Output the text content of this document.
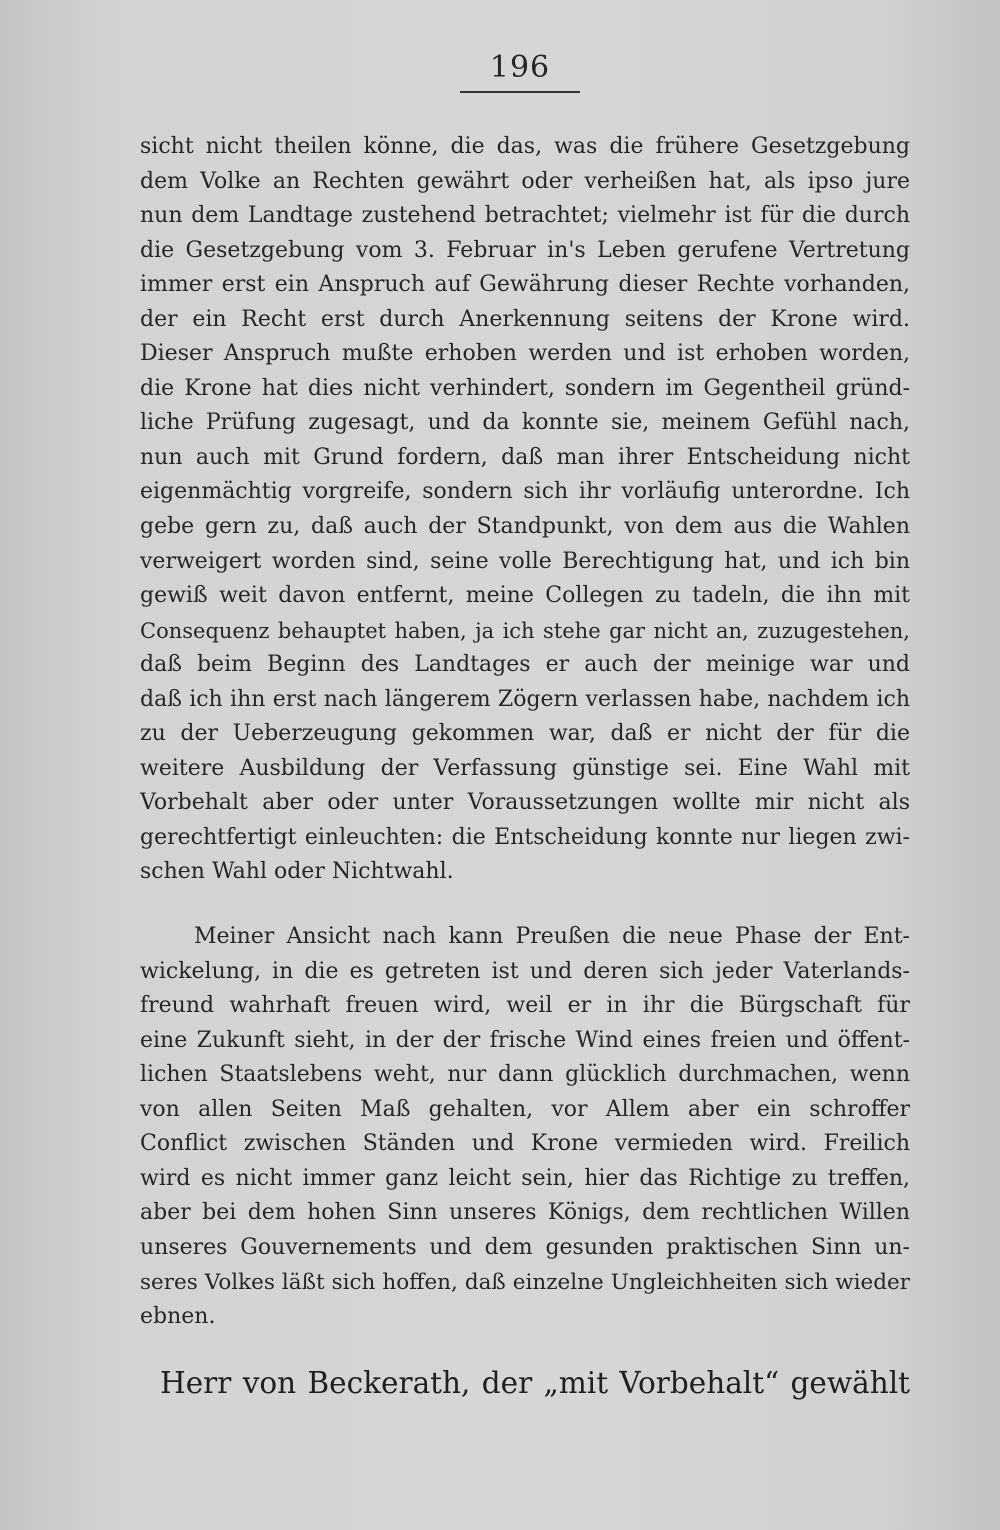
196
sicht nicht theilen könne, die das, was die frühere Gesetzgebung
dem Volke an Rechten gewährt oder verheißen hat, als ipso jure
nun dem Landtage zustehend betrachtet; vielmehr ist für die durch
die Gesetzgebung vom 3. Februar in's Leben gerufene Vertretung
immer erst ein Anspruch auf Gewährung dieser Rechte vorhanden,
der ein Recht erst durch Anerkennung seitens der Krone wird.
Dieser Anspruch mußte erhoben werden und ist erhoben worden,
die Krone hat dies nicht verhindert, sondern im Gegentheil gründ-
liche Prüfung zugesagt, und da konnte sie, meinem Gefühl nach,
nun auch mit Grund fordern, daß man ihrer Entscheidung nicht
eigenmächtig vorgreife, sondern sich ihr vorläufig unterordne. Ich
gebe gern zu, daß auch der Standpunkt, von dem aus die Wahlen
verweigert worden sind, seine volle Berechtigung hat, und ich bin
gewiß weit davon entfernt, meine Collegen zu tadeln, die ihn mit
Consequenz behauptet haben, ja ich stehe gar nicht an, zuzugestehen,
daß beim Beginn des Landtages er auch der meinige war und
daß ich ihn erst nach längerem Zögern verlassen habe, nachdem ich
zu der Ueberzeugung gekommen war, daß er nicht der für die
weitere Ausbildung der Verfassung günstige sei. Eine Wahl mit
Vorbehalt aber oder unter Voraussetzungen wollte mir nicht als
gerechtfertigt einleuchten: die Entscheidung konnte nur liegen zwi-
schen Wahl oder Nichtwahl.
Meiner Ansicht nach kann Preußen die neue Phase der Ent-
wickelung, in die es getreten ist und deren sich jeder Vaterlands-
freund wahrhaft freuen wird, weil er in ihr die Bürgschaft für
eine Zukunft sieht, in der der frische Wind eines freien und öffent-
lichen Staatslebens weht, nur dann glücklich durchmachen, wenn
von allen Seiten Maß gehalten, vor Allem aber ein schroffer
Conflict zwischen Ständen und Krone vermieden wird. Freilich
wird es nicht immer ganz leicht sein, hier das Richtige zu treffen,
aber bei dem hohen Sinn unseres Königs, dem rechtlichen Willen
unseres Gouvernements und dem gesunden praktischen Sinn un-
seres Volkes läßt sich hoffen, daß einzelne Ungleichheiten sich wieder
ebnen.
Herr von Beckerath, der „mit Vorbehalt“ gewählt
